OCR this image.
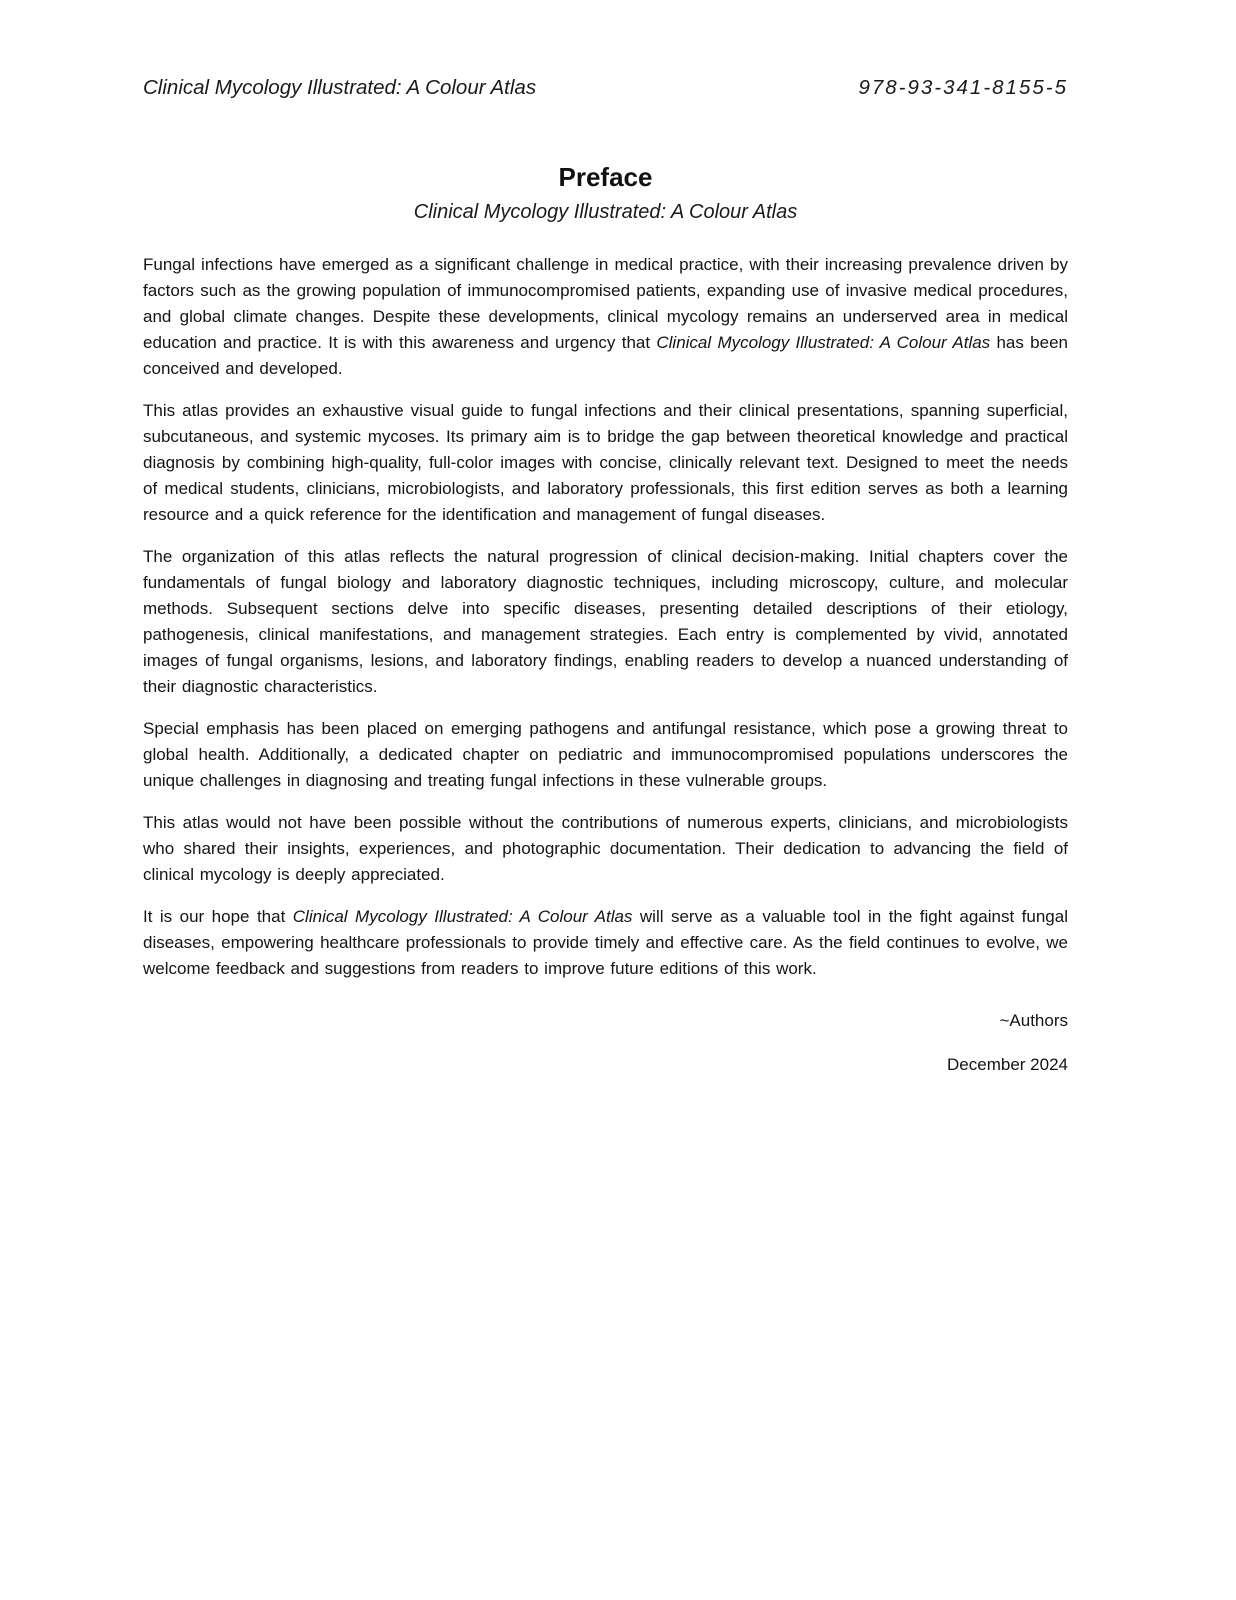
Clinical Mycology Illustrated: A Colour Atlas	978-93-341-8155-5
Preface
Clinical Mycology Illustrated: A Colour Atlas

Fungal infections have emerged as a significant challenge in medical practice, with their increasing prevalence driven by factors such as the growing population of immunocompromised patients, expanding use of invasive medical procedures, and global climate changes. Despite these developments, clinical mycology remains an underserved area in medical education and practice. It is with this awareness and urgency that Clinical Mycology Illustrated: A Colour Atlas has been conceived and developed.

This atlas provides an exhaustive visual guide to fungal infections and their clinical presentations, spanning superficial, subcutaneous, and systemic mycoses. Its primary aim is to bridge the gap between theoretical knowledge and practical diagnosis by combining high-quality, full-color images with concise, clinically relevant text. Designed to meet the needs of medical students, clinicians, microbiologists, and laboratory professionals, this first edition serves as both a learning resource and a quick reference for the identification and management of fungal diseases.

The organization of this atlas reflects the natural progression of clinical decision-making. Initial chapters cover the fundamentals of fungal biology and laboratory diagnostic techniques, including microscopy, culture, and molecular methods. Subsequent sections delve into specific diseases, presenting detailed descriptions of their etiology, pathogenesis, clinical manifestations, and management strategies. Each entry is complemented by vivid, annotated images of fungal organisms, lesions, and laboratory findings, enabling readers to develop a nuanced understanding of their diagnostic characteristics.

Special emphasis has been placed on emerging pathogens and antifungal resistance, which pose a growing threat to global health. Additionally, a dedicated chapter on pediatric and immunocompromised populations underscores the unique challenges in diagnosing and treating fungal infections in these vulnerable groups.

This atlas would not have been possible without the contributions of numerous experts, clinicians, and microbiologists who shared their insights, experiences, and photographic documentation. Their dedication to advancing the field of clinical mycology is deeply appreciated.

It is our hope that Clinical Mycology Illustrated: A Colour Atlas will serve as a valuable tool in the fight against fungal diseases, empowering healthcare professionals to provide timely and effective care. As the field continues to evolve, we welcome feedback and suggestions from readers to improve future editions of this work.

~Authors

December 2024
